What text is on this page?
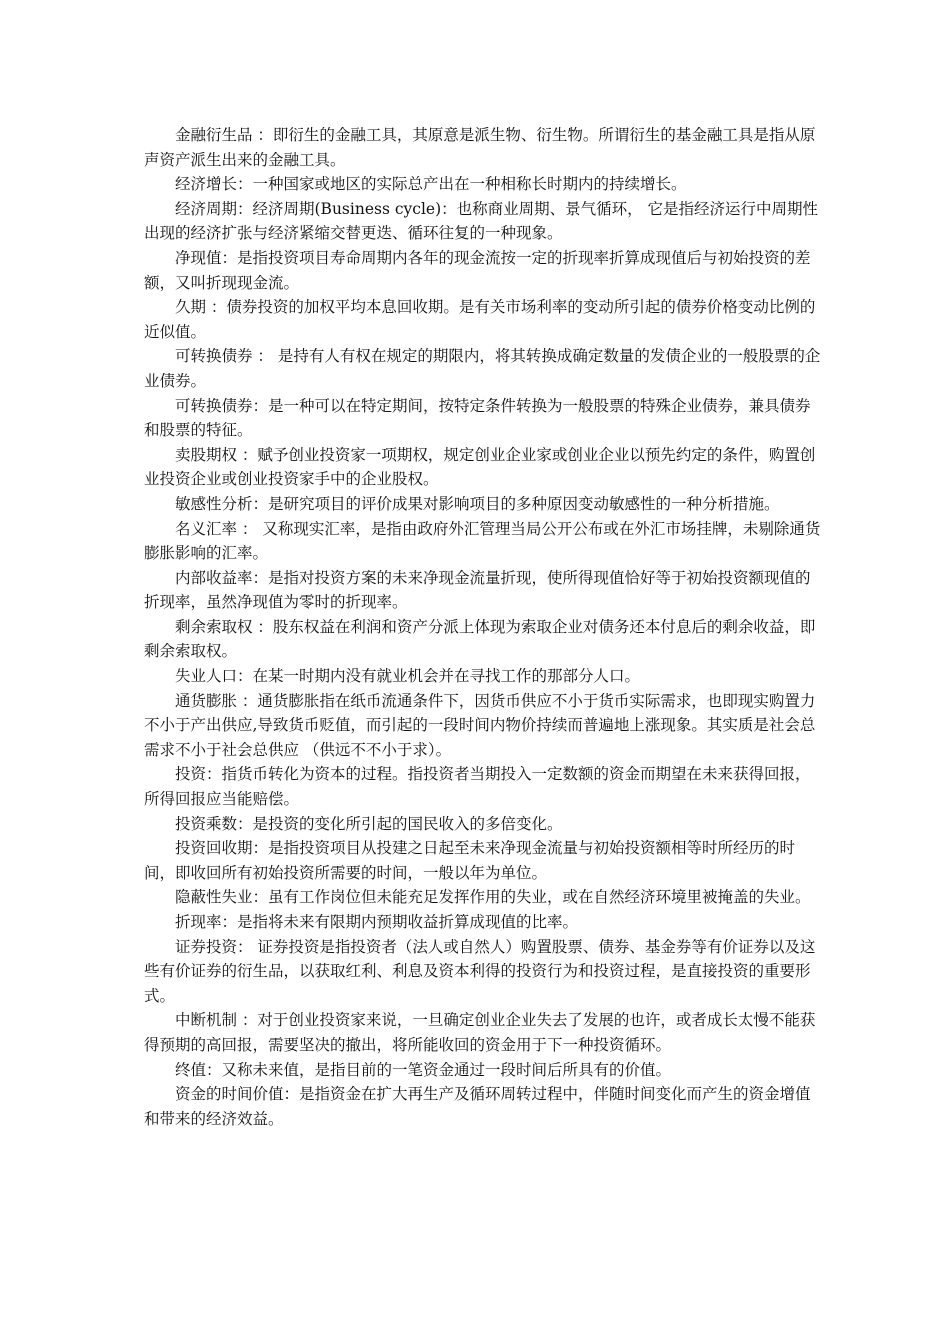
金融衍生品 ：即衍生的金融工具，其原意是派生物、衍生物。所谓衍生的基金融工具是指从原声资产派生出来的金融工具。

经济增长：一种国家或地区的实际总产出在一种相称长时期内的持续增长。

经济周期：经济周期(Business cycle)：也称商业周期、景气循环， 它是指经济运行中周期性出现的经济扩张与经济紧缩交替更迭、循环往复的一种现象。

净现值：是指投资项目寿命周期内各年的现金流按一定的折现率折算成现值后与初始投资的差额，又叫折现现金流。

久期 ：债券投资的加权平均本息回收期。是有关市场利率的变动所引起的债券价格变动比例的近似值。

可转换债券 ： 是持有人有权在规定的期限内，将其转换成确定数量的发债企业的一般股票的企业债券。

可转换债券：是一种可以在特定期间，按特定条件转换为一般股票的特殊企业债券，兼具债券和股票的特征。

卖股期权 ：赋予创业投资家一项期权，规定创业企业家或创业企业以预先约定的条件，购置创业投资企业或创业投资家手中的企业股权。

敏感性分析：是研究项目的评价成果对影响项目的多种原因变动敏感性的一种分析措施。

名义汇率 ： 又称现实汇率，是指由政府外汇管理当局公开公布或在外汇市场挂牌，未剔除通货膨胀影响的汇率。

内部收益率：是指对投资方案的未来净现金流量折现，使所得现值恰好等于初始投资额现值的折现率，虽然净现值为零时的折现率。

剩余索取权 ：股东权益在利润和资产分派上体现为索取企业对债务还本付息后的剩余收益，即剩余索取权。

失业人口：在某一时期内没有就业机会并在寻找工作的那部分人口。

通货膨胀 ：通货膨胀指在纸币流通条件下，因货币供应不小于货币实际需求，也即现实购置力不小于产出供应,导致货币贬值，而引起的一段时间内物价持续而普遍地上涨现象。其实质是社会总需求不小于社会总供应 （供远不不小于求）。

投资：指货币转化为资本的过程。指投资者当期投入一定数额的资金而期望在未来获得回报，所得回报应当能赔偿。

投资乘数：是投资的变化所引起的国民收入的多倍变化。

投资回收期：是指投资项目从投建之日起至未来净现金流量与初始投资额相等时所经历的时间，即收回所有初始投资所需要的时间，一般以年为单位。

隐蔽性失业：虽有工作岗位但未能充足发挥作用的失业，或在自然经济环境里被掩盖的失业。

折现率：是指将未来有限期内预期收益折算成现值的比率。

证券投资： 证券投资是指投资者（法人或自然人）购置股票、债券、基金券等有价证券以及这些有价证券的衍生品，以获取红利、利息及资本利得的投资行为和投资过程，是直接投资的重要形式。

中断机制 ：对于创业投资家来说，一旦确定创业企业失去了发展的也许，或者成长太慢不能获得预期的高回报，需要坚决的撤出，将所能收回的资金用于下一种投资循环。

终值：又称未来值，是指目前的一笔资金通过一段时间后所具有的价值。

资金的时间价值：是指资金在扩大再生产及循环周转过程中，伴随时间变化而产生的资金增值和带来的经济效益。
